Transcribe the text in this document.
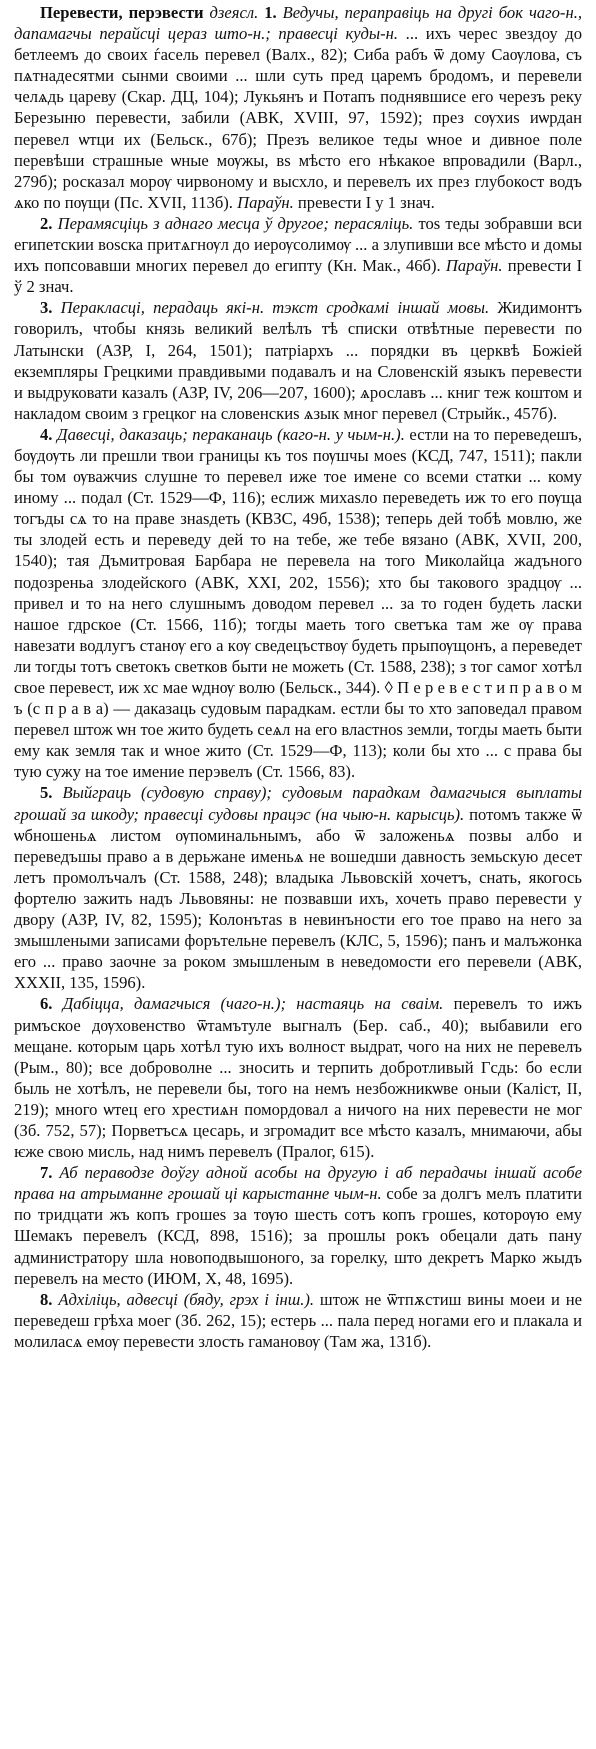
Перевести, перэвести дзеясл. 1. Ведучы, пераправіць на другі бок чаго-н., дапамагчы перайсці цераз што-н.; правесці куды-н. ... ихъ черес звездоу до бетлеемъ до своих ѓасель перевел (Валх., 82); Сиба рабъ ѿ дому Саѹлова, съ пѧтнадесятми сынми своими ... шли суть пред царемъ бродомъ, и перевели челѧдь цареву (Скар. ДЦ, 104); Лукьянъ и Потапъ поднявшисе его черезъ реку Березыню перевести, забили (АВК, XVIII, 97, 1592); през сѹхиѕ иѡрдан перевел ѡтци их (Бельск., 67б); Презъ великое теды ѡное и дивное поле перевѣши страшные ѡные мѹжы, вѕ мѣсто его нѣкакое впровадили (Варл., 279б); росказал морѹ чирвоному и высхло, и перевелъ их през глубокост водъ ѧко по пѹщи (Пс. XVII, 113б). Параўн. превести I у 1 знач.

2. Перамясціць з аднаго месца ў другое; перасяліць. тоѕ теды зобравши вси египетскии воѕска притѧгнѹл до иерѹсолимѹ ... а злупивши все мѣсто и домы ихъ попсовавши многих перевел до египту (Кн. Мак., 46б). Параўн. превести I ў 2 знач.

3. Перакласці, перадаць які-н. тэкст сродкамі іншай мовы. Жидимонтъ говорилъ, чтобы князь великий велѣлъ тѣ списки отвѣтные перевести по Латынски (АЗР, I, 264, 1501); патріархъ ... порядки въ церквѣ Божіей екземпляры Грецкими правдивыми подавалъ и на Словенскій языкъ перевести и выдруковати казалъ (АЗР, IV, 206—207, 1600); ѧрославъ ... книг теж коштом и накладом своим з грецког на словенскиѕ ѧзык мног перевел (Стрыйк., 457б).

4. Давесці, даказаць; пераканаць (каго-н. у чым-н.). естли на то переведешъ, бѹдѹть ли прешли твои границы къ тоѕ пѹшчы моеѕ (КСД, 747, 1511); пакли бы том ѹважчиѕ слушне то перевел иже тое имене со всеми статки ... кому иному ... подал (Ст. 1529—Ф, 116); еслиж михаѕло переведеть иж то его пѹща тогъды сѧ то на праве знаѕдеть (КВЗС, 49б, 1538); теперь дей тобѣ мовлю, же ты злодей есть и переведу дей то на тебе, же тебе вязано (АВК, XVII, 200, 1540); тая Дъмитровая Барбара не перевела на того Миколайца жадъного подозреньа злодейского (АВК, XXI, 202, 1556); хто бы такового зрадцѹ ... привел и то на него слушнымъ доводом перевел ... за то годен будеть ласки нашое гдрское (Ст. 1566, 11б); тогды маеть того светъка там же ѹ права навезати водлугъ станѹ его а кѹ сведецъствѹ будеть прыпѹщонъ, а переведет ли тогды тотъ светокъ светков быти не можеть (Ст. 1588, 238); з тог самог хотѣл свое перевест, иж хс мае ѡднѹ волю (Бельск., 344). ◊ П е р е в е с т и п р а в о м ъ (с п р а в а) — даказаць судовым парадкам. естли бы то хто заповедал правом перевел штож ѡн тое жито будеть сеѧл на его властноѕ земли, тогды маеть быти ему как земля так и ѡное жито (Ст. 1529—Ф, 113); коли бы хто ... с права бы тую сужу на тое имение перэвелъ (Ст. 1566, 83).

5. Выйграць (судовую справу); судовым парадкам дамагчыся выплаты грошай за шкоду; правесці судовы працэс (на чыю-н. карысць). потомъ также ѿ ѡбношеньѧ листом ѹпоминальнымъ, або ѿ заложеньѧ позвы албо и переведъшы право а в дерьжане именьѧ не вошедши давность земьскую десет летъ промолъчалъ (Ст. 1588, 248); владыка Львовскій хочетъ, снать, якогось фортелю зажить надъ Львовяны: не позвавши ихъ, хочеть право перевести у двору (АЗР, IV, 82, 1595); Колонътаѕ в невинъности его тое право на него за змышлеными записами форътельне перевелъ (КЛС, 5, 1596); панъ и малъжонка его ... право заочне за роком змышленым в неведомости его перевели (АВК, XXXII, 135, 1596).

6. Дабіцца, дамагчыся (чаго-н.); настаяць на сваім. перевелъ то ижъ римъское дѹховенство ѿтамътуле выгналъ (Бер. саб., 40); выбавили его мещане. которым царь хотѣл тую ихъ волност выдрат, чого на них не перевелъ (Рым., 80); все доброволне ... зносить и терпить добротливый Гсдь: бо если быль не хотѣлъ, не перевели бы, того на немъ незбожникѡве оныи (Каліст, II, 219); много ѡтец его хрестиѧн помордовал а ничого на них перевести не мог (Зб. 752, 57); Порветъсѧ цесарь, и згромадит все мѣсто казалъ, мнимаючи, абы ѥже свою мисль, над нимъ перевелъ (Пралог, 615).

7. Аб пераводзе доўгу адной асобы на другую і аб перадачы іншай асобе права на атрыманне грошай ці карыстанне чым-н. собе за долгъ мелъ платити по тридцати жъ копъ грошеѕ за тѹю шесть сотъ копъ грошеѕ, которѹю ему Шемакъ перевелъ (КСД, 898, 1516); за прошлы рокъ обецали дать пану администратору шла новоподвышоного, за горелку, што декретъ Марко жыдъ перевелъ на место (ИЮМ, X, 48, 1695).

8. Адхіліць, адвесці (бяду, грэх і інш.). штож не ѿтпѫстиш вины моеи и не переведеш грѣха моег (Зб. 262, 15); естерь ... пала перед ногами его и плакала и молиласѧ емѹ перевести злость гамановѹ (Там жа, 131б).
